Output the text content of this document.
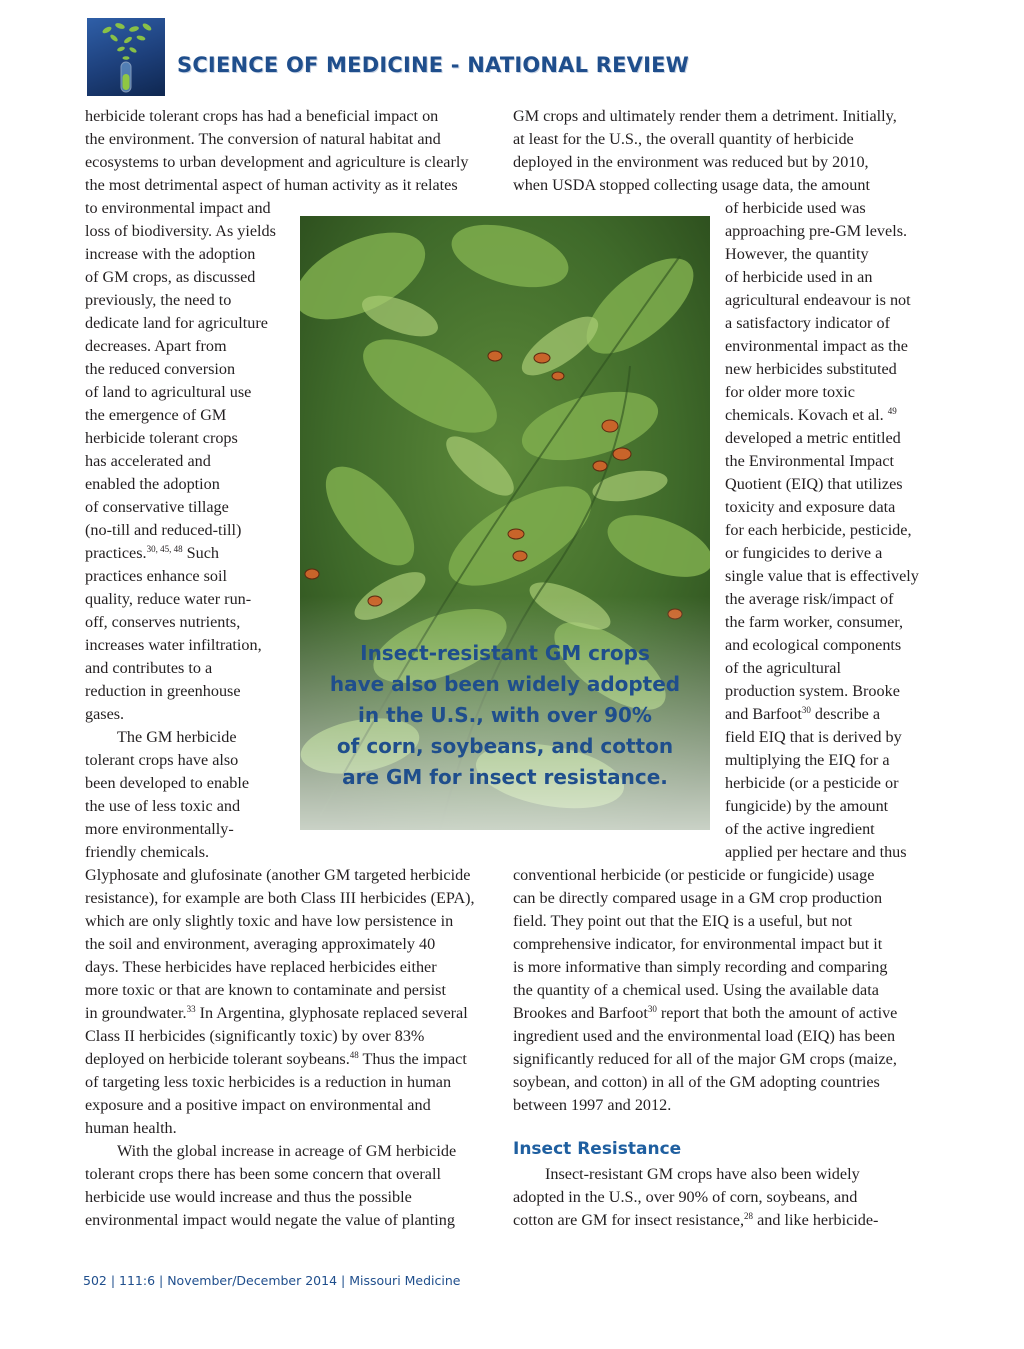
SCIENCE OF MEDICINE - NATIONAL REVIEW
herbicide tolerant crops has had a beneficial impact on
the environment. The conversion of natural habitat and
ecosystems to urban development and agriculture is clearly
the most detrimental aspect of human activity as it relates
to environmental impact and
loss of biodiversity. As yields
increase with the adoption
of GM crops, as discussed
previously, the need to
dedicate land for agriculture
decreases. Apart from
the reduced conversion
of land to agricultural use
the emergence of GM
herbicide tolerant crops
has accelerated and
enabled the adoption
of conservative tillage
(no-till and reduced-till)
practices.$^{30, 45, 48}$ Such
practices enhance soil
quality, reduce water run-
off, conserves nutrients,
increases water infiltration,
and contributes to a
reduction in greenhouse
gases.
The GM herbicide
tolerant crops have also
been developed to enable
the use of less toxic and
more environmentally-
friendly chemicals.
Glyphosate and glufosinate (another GM targeted herbicide
resistance), for example are both Class III herbicides (EPA),
which are only slightly toxic and have low persistence in
the soil and environment, averaging approximately 40
days. These herbicides have replaced herbicides either
more toxic or that are known to contaminate and persist
in groundwater.$^{33}$ In Argentina, glyphosate replaced several
Class II herbicides (significantly toxic) by over 83%
deployed on herbicide tolerant soybeans.$^{48}$ Thus the impact
of targeting less toxic herbicides is a reduction in human
exposure and a positive impact on environmental and
human health.
With the global increase in acreage of GM herbicide
tolerant crops there has been some concern that overall
herbicide use would increase and thus the possible
environmental impact would negate the value of planting
GM crops and ultimately render them a detriment. Initially,
at least for the U.S., the overall quantity of herbicide
deployed in the environment was reduced but by 2010,
when USDA stopped collecting usage data, the amount
of herbicide used was
approaching pre-GM levels.
However, the quantity
of herbicide used in an
agricultural endeavour is not
a satisfactory indicator of
environmental impact as the
new herbicides substituted
for older more toxic
chemicals. Kovach et al. $^{49}$
developed a metric entitled
the Environmental Impact
Quotient (EIQ) that utilizes
toxicity and exposure data
for each herbicide, pesticide,
or fungicides to derive a
single value that is effectively
the average risk/impact of
the farm worker, consumer,
and ecological components
of the agricultural
production system. Brooke
and Barfoot$^{30}$ describe a
field EIQ that is derived by
multiplying the EIQ for a
herbicide (or a pesticide or
fungicide) by the amount
of the active ingredient
applied per hectare and thus
conventional herbicide (or pesticide or fungicide) usage
can be directly compared usage in a GM crop production
field. They point out that the EIQ is a useful, but not
comprehensive indicator, for environmental impact but it
is more informative than simply recording and comparing
the quantity of a chemical used. Using the available data
Brookes and Barfoot$^{30}$ report that both the amount of active
ingredient used and the environmental load (EIQ) has been
significantly reduced for all of the major GM crops (maize,
soybean, and cotton) in all of the GM adopting countries
between 1997 and 2012.
Insect Resistance
Insect-resistant GM crops have also been widely
adopted in the U.S., over 90% of corn, soybeans, and
cotton are GM for insect resistance,$^{28}$ and like herbicide-
Insect-resistant GM crops
have also been widely adopted
in the U.S., with over 90%
of corn, soybeans, and cotton
are GM for insect resistance.
502 | 111:6 | November/December 2014 | Missouri Medicine
